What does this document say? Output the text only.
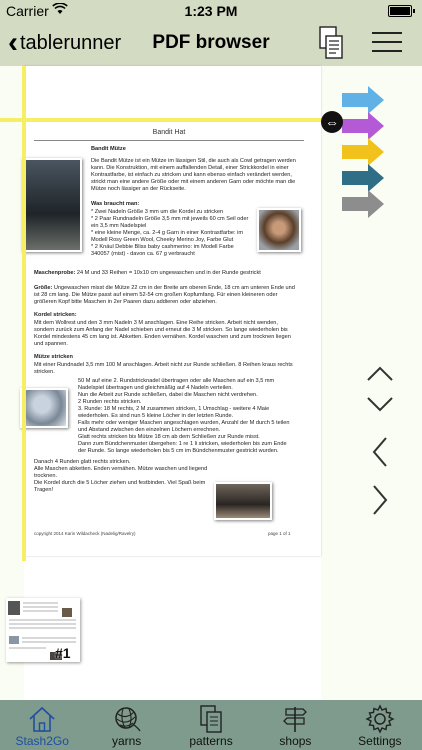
Carrier	1:23 PM
‹ tablerunner	PDF browser
Bandit Hat
Bandit Mütze
Die Bandit Mütze ist ein Mütze im lässigen Stil, die auch als Cowl getragen werden kann. Die Konstruktion, mit einem auffallenden Detail, einer Strickkordel in einer Kontrastfarbe, ist einfach zu stricken und kann ebenso einfach verändert werden, strickt man eine andere Größe oder mit einem anderen Garn oder möchte man die Mütze noch lässiger an der Rückseite.
Was braucht man:
* Zwei Nadeln Größe 3 mm um die Kordel zu stricken
* 2 Paar Rundnadeln Größe 3,5 mm mit jeweils 60 cm Seil oder ein 3,5 mm Nadelspiel
* eine kleine Menge, ca. 2-4 g Garn in einer Kontrastfarbe: im Modell Rosy Green Wool, Cheeky Merino Joy, Farbe Glut
* 2 Knäul Debbie Bliss baby cashmerino: im Modell Farbe 340057 (mist) - davon ca. 67 g verbraucht
Maschenprobe: 24 M und 33 Reihen = 10x10 cm ungewaschen und in der Runde gestrickt
Größe: Ungewaschen misst die Mütze 22 cm in der Breite am oberen Ende, 18 cm am unteren Ende und ist 28 cm lang. Die Mütze passt auf einem 52-54 cm großen Kopfumfang. Für einen kleineren oder größeren Kopf bitte Maschen in 2er Paaren dazu addieren oder abziehen.
Kordel stricken:
Mit dem Wollrest und den 3 mm Nadeln 3 M anschlagen. Eine Reihe stricken. Arbeit nicht wenden, sondern zurück zum Anfang der Nadel schieben und erneut die 3 M stricken. So lange wiederholen bis Kordel mindestens 45 cm lang ist. Abketten. Enden vernähen. Kordel waschen und zum trocknen liegen und spannen.
Mütze stricken
Mit einer Rundnadel 3,5 mm 100 M anschlagen. Arbeit nicht zur Runde schließen. 8 Reihen kraus rechts stricken.
50 M auf eine 2. Rundstricknadel übertragen oder alle Maschen auf ein 3,5 mm Nadelspiel übertragen und gleichmäßig auf 4 Nadeln verteilen.
Nun die Arbeit zur Runde schließen, dabei die Maschen nicht verdrehen.
2 Runden rechts stricken.
3. Runde: 18 M rechts, 2 M zusammen stricken, 1 Umschlag - weitere 4 Maie wiederholen. Es sind nun 5 kleine Löcher in der letzten Runde.
Falls mehr oder weniger Maschen angeschlagen wurden, Anzahl der M durch 5 teilen und Abstand zwischen den einzelnen Löchern errechnen.
Glatt rechts stricken bis Mütze 18 cm ab dem Schließen zur Runde misst.
Dann zum Bündchenmuster übergehen: 1 re 1 li stricken, wiederholen bis zum Ende der Runde. So lange wiederholen bis 5 cm im Bündchenmuster gestrickt wurden.
Danach 4 Runden glatt rechts stricken.
Alle Maschen abketten. Enden vernähen. Mütze waschen und liegend trocknen.
Die Kordel durch die 5 Löcher ziehen und festbinden. Viel Spaß beim Tragen!
copyright 2014 Karin Wildacheck (Nadelig/Ravelry)	page 1 of 1
⇔
#1
Stash2Go	yarns	patterns	shops	Settings
